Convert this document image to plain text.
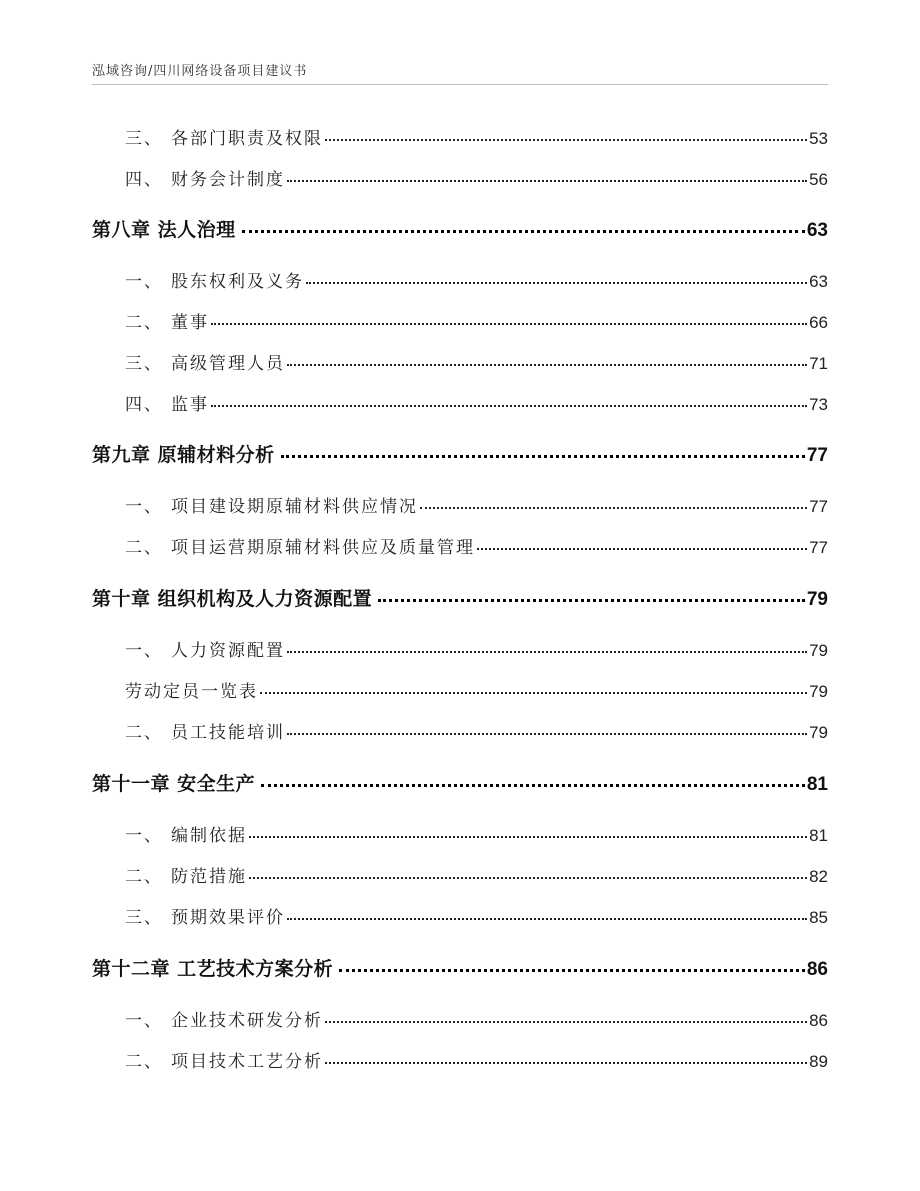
泓域咨询/四川网络设备项目建议书
三、 各部门职责及权限	53
四、 财务会计制度	56
第八章 法人治理	63
一、 股东权利及义务	63
二、 董事	66
三、 高级管理人员	71
四、 监事	73
第九章 原辅材料分析	77
一、 项目建设期原辅材料供应情况	77
二、 项目运营期原辅材料供应及质量管理	77
第十章 组织机构及人力资源配置	79
一、 人力资源配置	79
劳动定员一览表	79
二、 员工技能培训	79
第十一章 安全生产	81
一、 编制依据	81
二、 防范措施	82
三、 预期效果评价	85
第十二章 工艺技术方案分析	86
一、 企业技术研发分析	86
二、 项目技术工艺分析	89
